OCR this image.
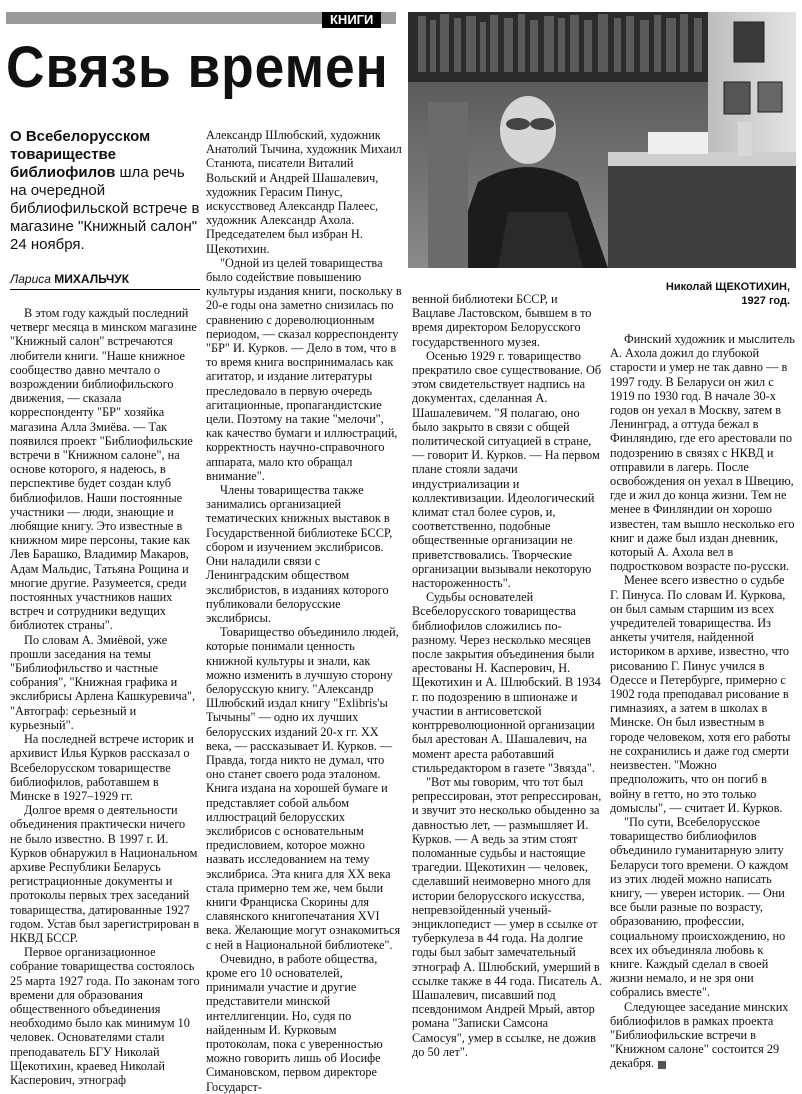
КНИГИ
Связь времен
О Всебелорусском товариществе библиофилов шла речь на очередной библиофильской встрече в магазине "Книжный салон" 24 ноября.
Лариса МИХАЛЬЧУК
Николай ЩЕКОТИХИН,
1927 год.

В этом году каждый последний четверг месяца в минском магазине "Книжный салон" встречаются любители книги. "Наше книжное сообщество давно мечтало о возрождении библиофильского движения, — сказала корреспонденту "БР" хозяйка магазина Алла Змиёва. — Так появился проект "Библиофильские встречи в "Книжном салоне", на основе которого, я надеюсь, в перспективе будет создан клуб библиофилов. Наши постоянные участники — люди, знающие и любящие книгу. Это известные в книжном мире персоны, такие как Лев Барашко, Владимир Макаров, Адам Мальдис, Татьяна Рощина и многие другие. Разумеется, среди постоянных участников наших встреч и сотрудники ведущих библиотек страны".

По словам А. Змиёвой, уже прошли заседания на темы "Библиофильство и частные собрания", "Книжная графика и экслибрисы Арлена Кашкуревича", "Автограф: серьезный и курьезный".

На последней встрече историк и архивист Илья Курков рассказал о Всебелорусском товариществе библиофилов, работавшем в Минске в 1927–1929 гг.

Долгое время о деятельности объединения практически ничего не было известно. В 1997 г. И. Курков обнаружил в Национальном архиве Республики Беларусь регистрационные документы и протоколы первых трех заседаний товарищества, датированные 1927 годом. Устав был зарегистрирован в НКВД БССР.

Первое организационное собрание товарищества состоялось 25 марта 1927 года. По законам того времени для образования общественного объединения необходимо было как минимум 10 человек. Основателями стали преподаватель БГУ Николай Щекотихин, краевед Николай Касперович, этнограф

Александр Шлюбский, художник Анатолий Тычина, художник Михаил Станюта, писатели Виталий Вольский и Андрей Шашалевич, художник Герасим Пинус, искусствовед Александр Палеес, художник Александр Ахола. Председателем был избран Н. Щекотихин.

"Одной из целей товарищества было содействие повышению культуры издания книги, поскольку в 20-е годы она заметно снизилась по сравнению с дореволюционным периодом, — сказал корреспонденту "БР" И. Курков. — Дело в том, что в то время книга воспринималась как агитатор, и издание литературы преследовало в первую очередь агитационные, пропагандистские цели. Поэтому на такие "мелочи", как качество бумаги и иллюстраций, корректность научно-справочного аппарата, мало кто обращал внимание".

Члены товарищества также занимались организацией тематических книжных выставок в Государственной библиотеке БССР, сбором и изучением экслибрисов. Они наладили связи с Ленинградским обществом экслибристов, в изданиях которого публиковали белорусские экслибрисы.

Товарищество объединило людей, которые понимали ценность книжной культуры и знали, как можно изменить в лучшую сторону белорусскую книгу. "Александр Шлюбский издал книгу "Exlibris'ы Тычыны" — одно их лучших белорусских изданий 20-х гг. XX века, — рассказывает И. Курков. — Правда, тогда никто не думал, что оно станет своего рода эталоном. Книга издана на хорошей бумаге и представляет собой альбом иллюстраций белорусских экслибрисов с основательным предисловием, которое можно назвать исследованием на тему экслибриса. Эта книга для XX века стала примерно тем же, чем были книги Франциска Скорины для славянского книгопечатания XVI века. Желающие могут ознакомиться с ней в Национальной библиотеке".

Очевидно, в работе общества, кроме его 10 основателей, принимали участие и другие представители минской интеллигенции. Но, судя по найденным И. Курковым протоколам, пока с уверенностью можно говорить лишь об Иосифе Симановском, первом директоре Государст-

венной библиотеки БССР, и Вацлаве Ластовском, бывшем в то время директором Белорусского государственного музея.

Осенью 1929 г. товарищество прекратило свое существование. Об этом свидетельствует надпись на документах, сделанная А. Шашалевичем. "Я полагаю, оно было закрыто в связи с общей политической ситуацией в стране, — говорит И. Курков. — На первом плане стояли задачи индустриализации и коллективизации. Идеологический климат стал более суров, и, соответственно, подобные общественные организации не приветствовались. Творческие организации вызывали некоторую настороженность".

Судьбы основателей Всебелорусского товарищества библиофилов сложились по-разному. Через несколько месяцев после закрытия объединения были арестованы Н. Касперович, Н. Щекотихин и А. Шлюбский. В 1934 г. по подозрению в шпионаже и участии в антисоветской контрреволюционной организации был арестован А. Шашалевич, на момент ареста работавший стильредактором в газете "Звязда".

"Вот мы говорим, что тот был репрессирован, этот репрессирован, и звучит это несколько обыденно за давностью лет, — размышляет И. Курков. — А ведь за этим стоят поломанные судьбы и настоящие трагедии. Щекотихин — человек, сделавший неимоверно много для истории белорусского искусства, непревзойденный ученый-энциклопедист — умер в ссылке от туберкулеза в 44 года. На долгие годы был забыт замечательный этнограф А. Шлюбский, умерший в ссылке также в 44 года. Писатель А. Шашалевич, писавший под псевдонимом Андрей Мрый, автор романа "Записки Самсона Самосуя", умер в ссылке, не дожив до 50 лет".

Финский художник и мыслитель А. Ахола дожил до глубокой старости и умер не так давно — в 1997 году. В Беларуси он жил с 1919 по 1930 год. В начале 30-х годов он уехал в Москву, затем в Ленинград, а оттуда бежал в Финляндию, где его арестовали по подозрению в связях с НКВД и отправили в лагерь. После освобождения он уехал в Швецию, где и жил до конца жизни. Тем не менее в Финляндии он хорошо известен, там вышло несколько его книг и даже был издан дневник, который А. Ахола вел в подростковом возрасте по-русски.

Менее всего известно о судьбе Г. Пинуса. По словам И. Куркова, он был самым старшим из всех учредителей товарищества. Из анкеты учителя, найденной историком в архиве, известно, что рисованию Г. Пинус учился в Одессе и Петербурге, примерно с 1902 года преподавал рисование в гимназиях, а затем в школах в Минске. Он был известным в городе человеком, хотя его работы не сохранились и даже год смерти неизвестен. "Можно предположить, что он погиб в войну в гетто, но это только домыслы", — считает И. Курков.

"По сути, Всебелорусское товарищество библиофилов объединило гуманитарную элиту Беларуси того времени. О каждом из этих людей можно написать книгу, — уверен историк. — Они все были разные по возрасту, образованию, профессии, социальному происхождению, но всех их объединяла любовь к книге. Каждый сделал в своей жизни немало, и не зря они собрались вместе".

Следующее заседание минских библиофилов в рамках проекта "Библиофильские встречи в "Книжном салоне" состоится 29 декабря.
